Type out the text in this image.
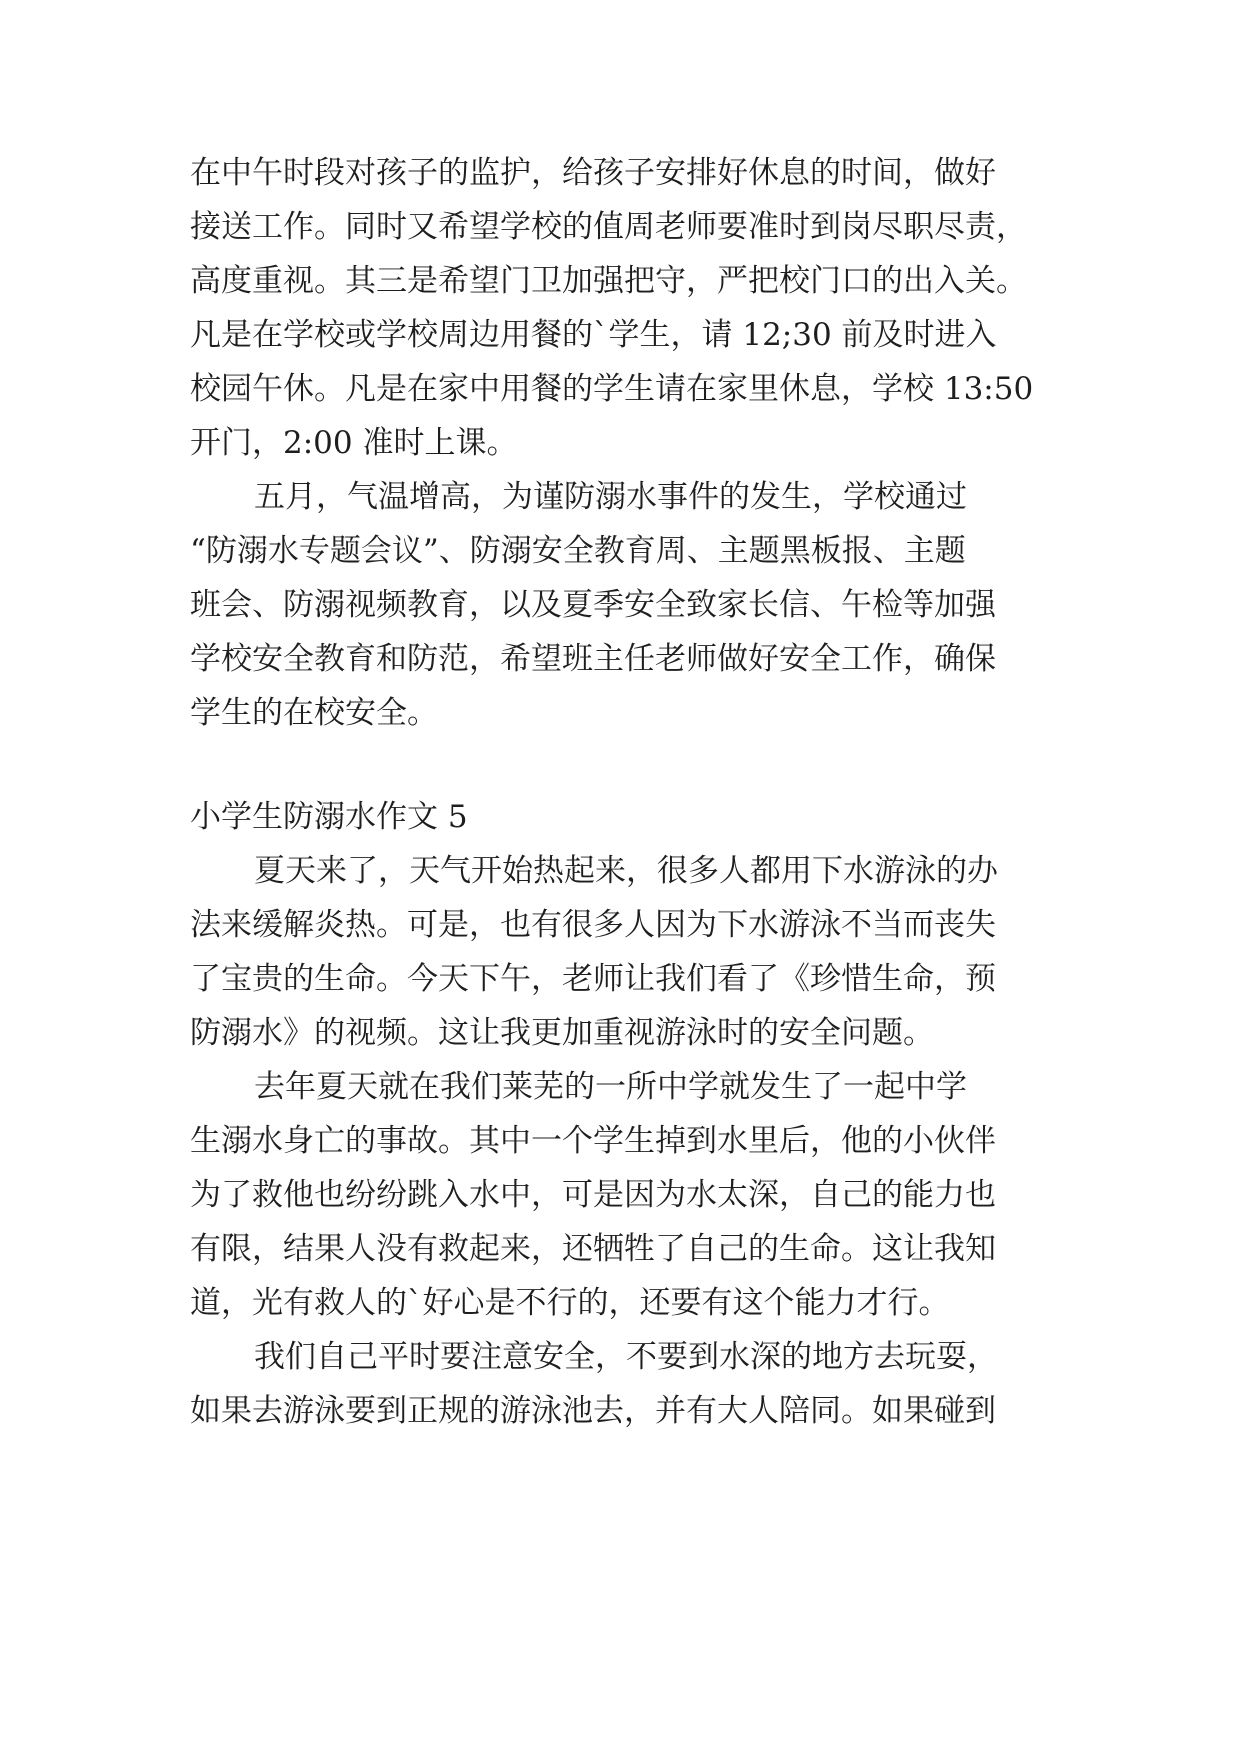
在中午时段对孩子的监护，给孩子安排好休息的时间，做好
接送工作。同时又希望学校的值周老师要准时到岗尽职尽责，
高度重视。其三是希望门卫加强把守，严把校门口的出入关。
凡是在学校或学校周边用餐的`学生，请 12;30 前及时进入
校园午休。凡是在家中用餐的学生请在家里休息，学校 13:50
开门，2:00 准时上课。
五月，气温增高，为谨防溺水事件的发生，学校通过
“防溺水专题会议”、防溺安全教育周、主题黑板报、主题
班会、防溺视频教育，以及夏季安全致家长信、午检等加强
学校安全教育和防范，希望班主任老师做好安全工作，确保
学生的在校安全。
小学生防溺水作文 5
夏天来了，天气开始热起来，很多人都用下水游泳的办
法来缓解炎热。可是，也有很多人因为下水游泳不当而丧失
了宝贵的生命。今天下午，老师让我们看了《珍惜生命，预
防溺水》的视频。这让我更加重视游泳时的安全问题。
去年夏天就在我们莱芜的一所中学就发生了一起中学
生溺水身亡的事故。其中一个学生掉到水里后，他的小伙伴
为了救他也纷纷跳入水中，可是因为水太深，自己的能力也
有限，结果人没有救起来，还牺牲了自己的生命。这让我知
道，光有救人的`好心是不行的，还要有这个能力才行。
我们自己平时要注意安全，不要到水深的地方去玩耍，
如果去游泳要到正规的游泳池去，并有大人陪同。如果碰到
